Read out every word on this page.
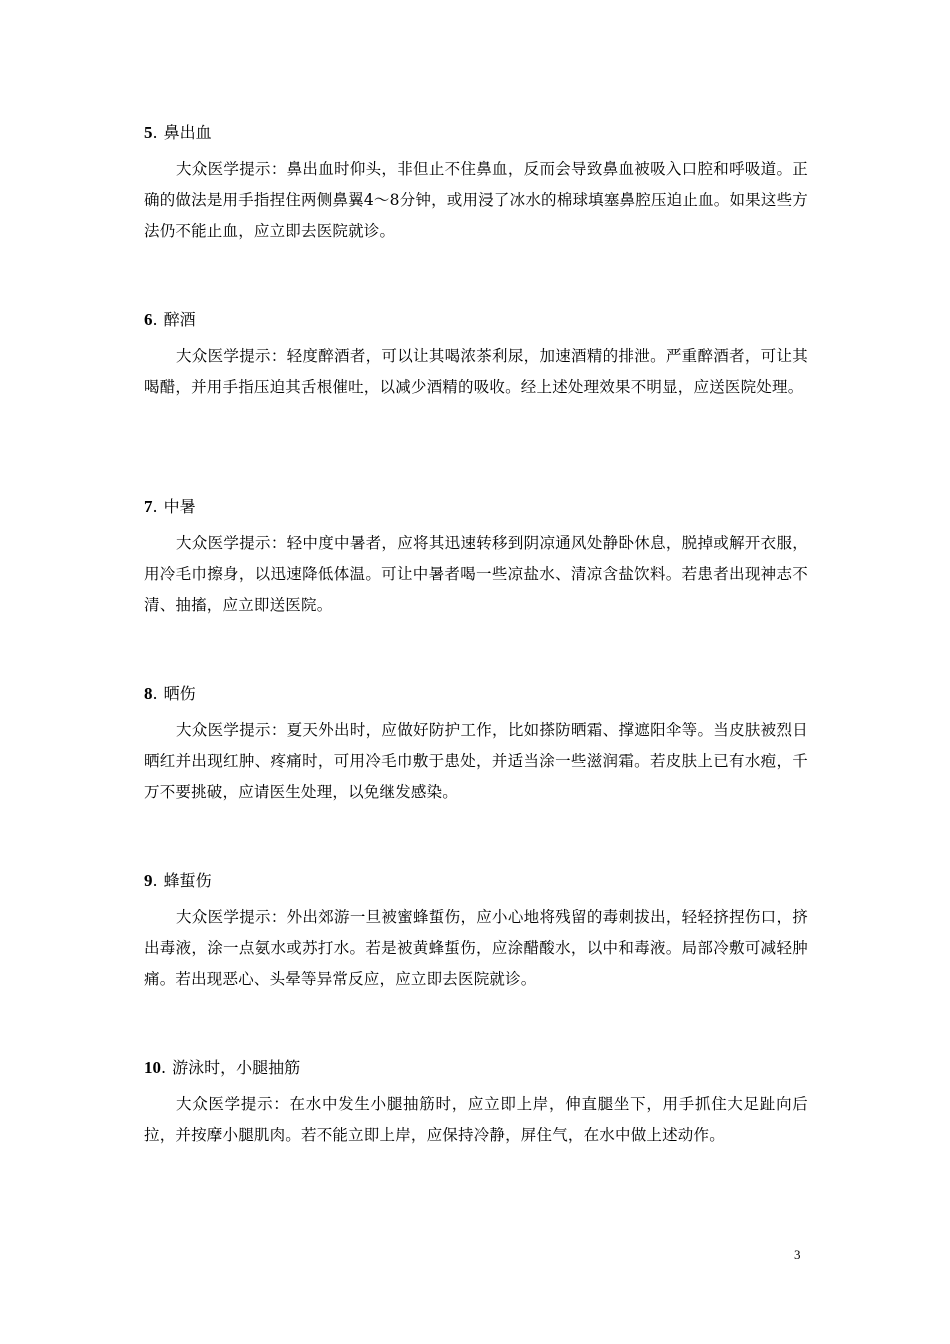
5. 鼻出血
大众医学提示：鼻出血时仰头，非但止不住鼻血，反而会导致鼻血被吸入口腔和呼吸道。正确的做法是用手指捏住两侧鼻翼4～8分钟，或用浸了冰水的棉球填塞鼻腔压迫止血。如果这些方法仍不能止血，应立即去医院就诊。
6. 醉酒
大众医学提示：轻度醉酒者，可以让其喝浓茶利尿，加速酒精的排泄。严重醉酒者，可让其喝醋，并用手指压迫其舌根催吐，以减少酒精的吸收。经上述处理效果不明显，应送医院处理。
7. 中暑
大众医学提示：轻中度中暑者，应将其迅速转移到阴凉通风处静卧休息，脱掉或解开衣服，用冷毛巾擦身，以迅速降低体温。可让中暑者喝一些凉盐水、清凉含盐饮料。若患者出现神志不清、抽搐，应立即送医院。
8. 晒伤
大众医学提示：夏天外出时，应做好防护工作，比如搽防晒霜、撑遮阳伞等。当皮肤被烈日晒红并出现红肿、疼痛时，可用冷毛巾敷于患处，并适当涂一些滋润霜。若皮肤上已有水疱，千万不要挑破，应请医生处理，以免继发感染。
9. 蜂蜇伤
大众医学提示：外出郊游一旦被蜜蜂蜇伤，应小心地将残留的毒刺拔出，轻轻挤捏伤口，挤出毒液，涂一点氨水或苏打水。若是被黄蜂蜇伤，应涂醋酸水，以中和毒液。局部冷敷可减轻肿痛。若出现恶心、头晕等异常反应，应立即去医院就诊。
10. 游泳时，小腿抽筋
大众医学提示：在水中发生小腿抽筋时，应立即上岸，伸直腿坐下，用手抓住大足趾向后拉，并按摩小腿肌肉。若不能立即上岸，应保持冷静，屏住气，在水中做上述动作。
3
